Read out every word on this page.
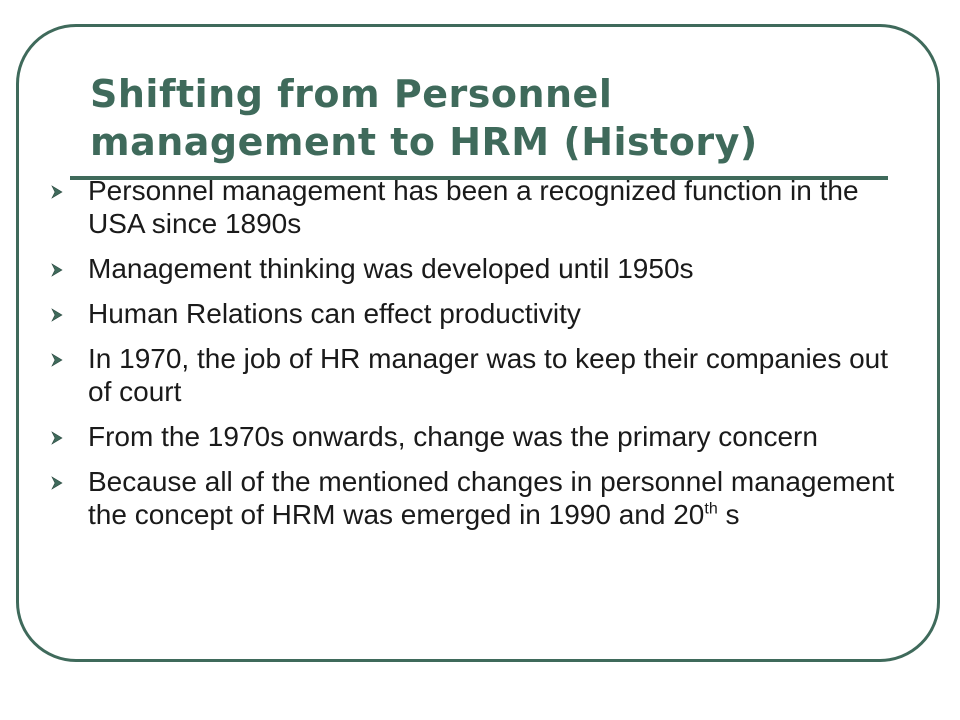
Shifting from Personnel
management to HRM (History)
Personnel management has been a recognized function in the USA since 1890s
Management thinking was developed until 1950s
Human Relations can effect productivity
In 1970, the job of HR manager was to keep their companies out of court
From the 1970s onwards, change was the primary concern
Because all of the mentioned changes in personnel management the concept of HRM was emerged in 1990 and 20th s
